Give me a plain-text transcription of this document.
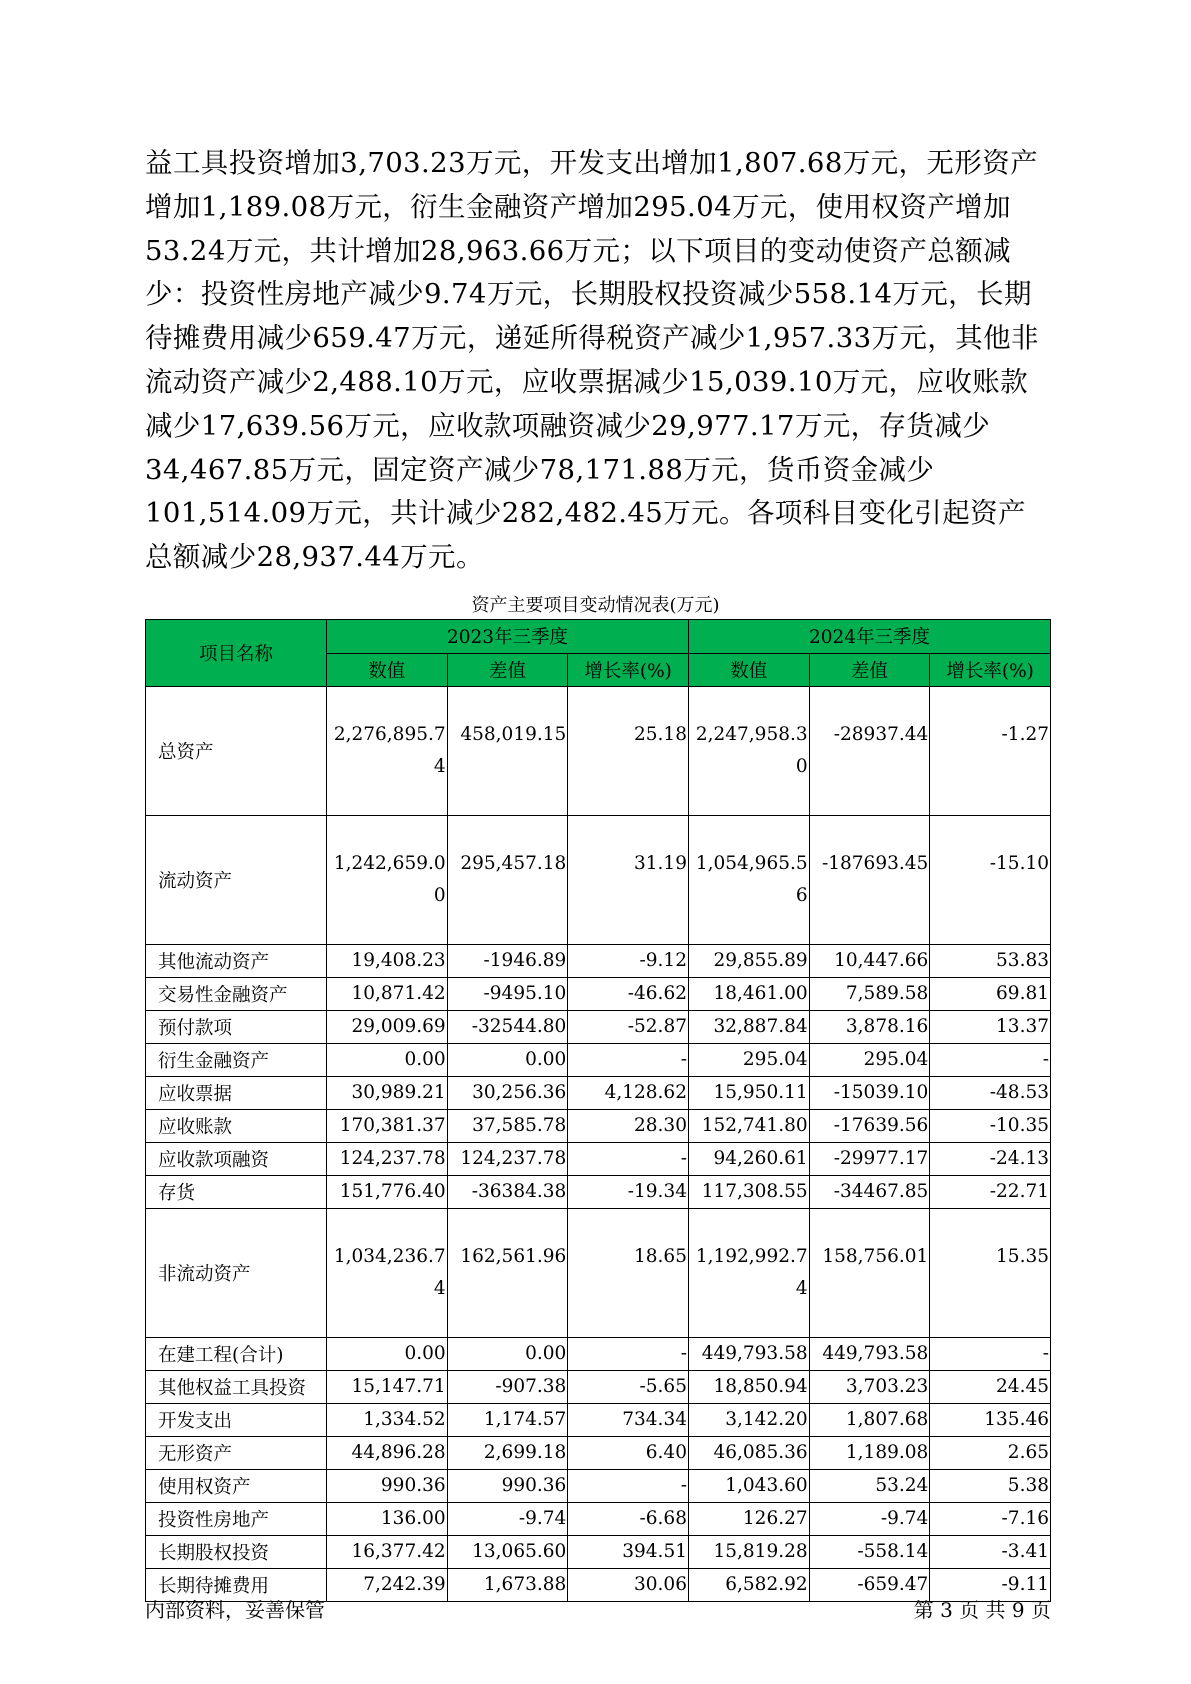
益工具投资增加3,703.23万元，开发支出增加1,807.68万元，无形资产增加1,189.08万元，衍生金融资产增加295.04万元，使用权资产增加53.24万元，共计增加28,963.66万元；以下项目的变动使资产总额减少：投资性房地产减少9.74万元，长期股权投资减少558.14万元，长期待摊费用减少659.47万元，递延所得税资产减少1,957.33万元，其他非流动资产减少2,488.10万元，应收票据减少15,039.10万元，应收账款减少17,639.56万元，应收款项融资减少29,977.17万元，存货减少34,467.85万元，固定资产减少78,171.88万元，货币资金减少101,514.09万元，共计减少282,482.45万元。各项科目变化引起资产总额减少28,937.44万元。

资产主要项目变动情况表(万元)
项目名称	2023年三季度			2024年三季度		
	数值	差值	增长率(%)	数值	差值	增长率(%)
总资产	2,276,895.74	458,019.15	25.18	2,247,958.30	-28937.44	-1.27
流动资产	1,242,659.00	295,457.18	31.19	1,054,965.56	-187693.45	-15.10
其他流动资产	19,408.23	-1946.89	-9.12	29,855.89	10,447.66	53.83
交易性金融资产	10,871.42	-9495.10	-46.62	18,461.00	7,589.58	69.81
预付款项	29,009.69	-32544.80	-52.87	32,887.84	3,878.16	13.37
衍生金融资产	0.00	0.00	-	295.04	295.04	-
应收票据	30,989.21	30,256.36	4,128.62	15,950.11	-15039.10	-48.53
应收账款	170,381.37	37,585.78	28.30	152,741.80	-17639.56	-10.35
应收款项融资	124,237.78	124,237.78	-	94,260.61	-29977.17	-24.13
存货	151,776.40	-36384.38	-19.34	117,308.55	-34467.85	-22.71
非流动资产	1,034,236.74	162,561.96	18.65	1,192,992.74	158,756.01	15.35
在建工程(合计)	0.00	0.00	-	449,793.58	449,793.58	-
其他权益工具投资	15,147.71	-907.38	-5.65	18,850.94	3,703.23	24.45
开发支出	1,334.52	1,174.57	734.34	3,142.20	1,807.68	135.46
无形资产	44,896.28	2,699.18	6.40	46,085.36	1,189.08	2.65
使用权资产	990.36	990.36	-	1,043.60	53.24	5.38
投资性房地产	136.00	-9.74	-6.68	126.27	-9.74	-7.16
长期股权投资	16,377.42	13,065.60	394.51	15,819.28	-558.14	-3.41
长期待摊费用	7,242.39	1,673.88	30.06	6,582.92	-659.47	-9.11
内部资料，妥善保管	第 3 页 共 9 页
